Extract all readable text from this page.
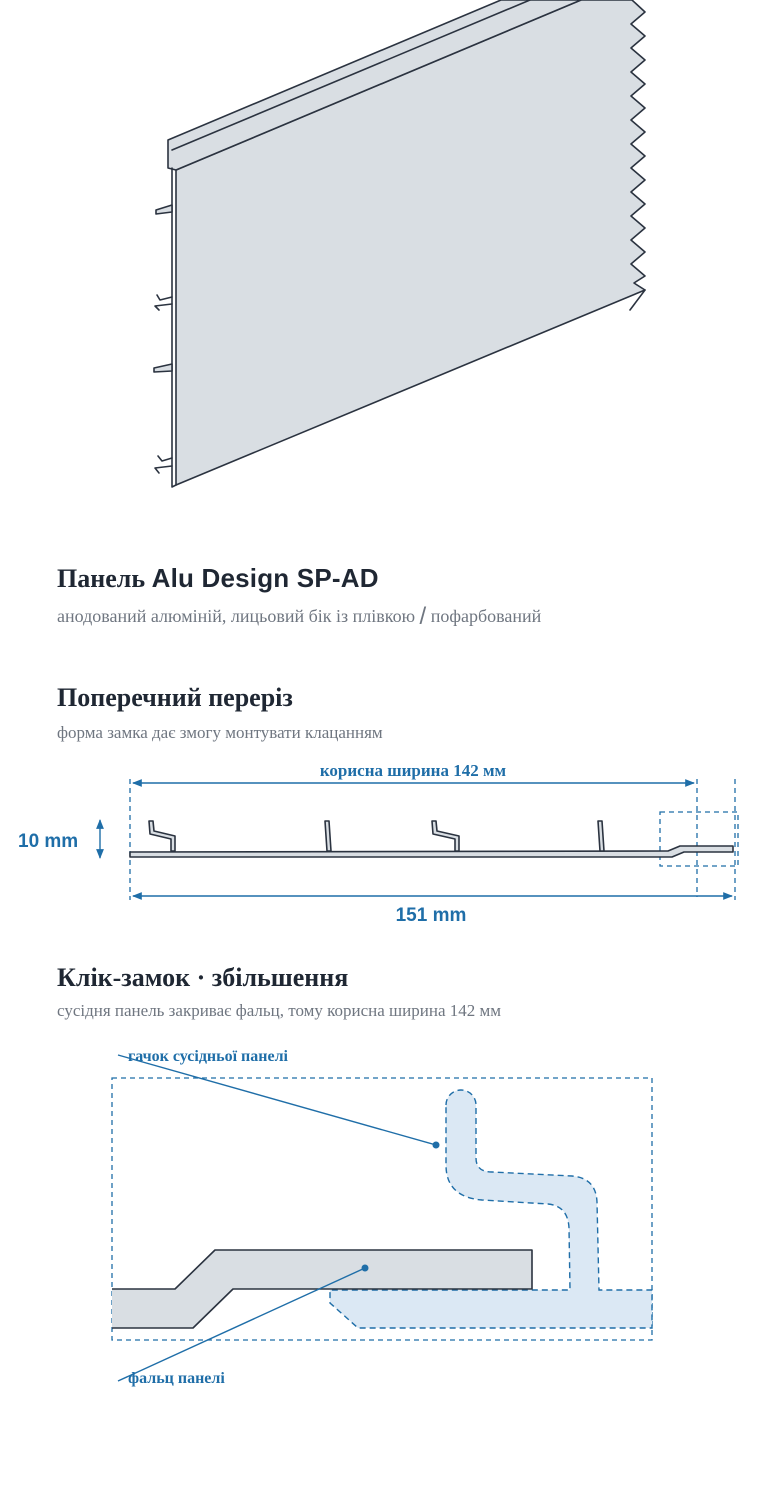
Панель Alu Design SP-AD
анодований алюміній, лицьовий бік із плівкою / пофарбований
Поперечний переріз
форма замка дає змогу монтувати клацанням
корисна ширина 142 мм
151 mm
10 mm
Клік-замок · збільшення
сусідня панель закриває фальц, тому корисна ширина 142 мм
гачок сусідньої панелі
фальц панелі
